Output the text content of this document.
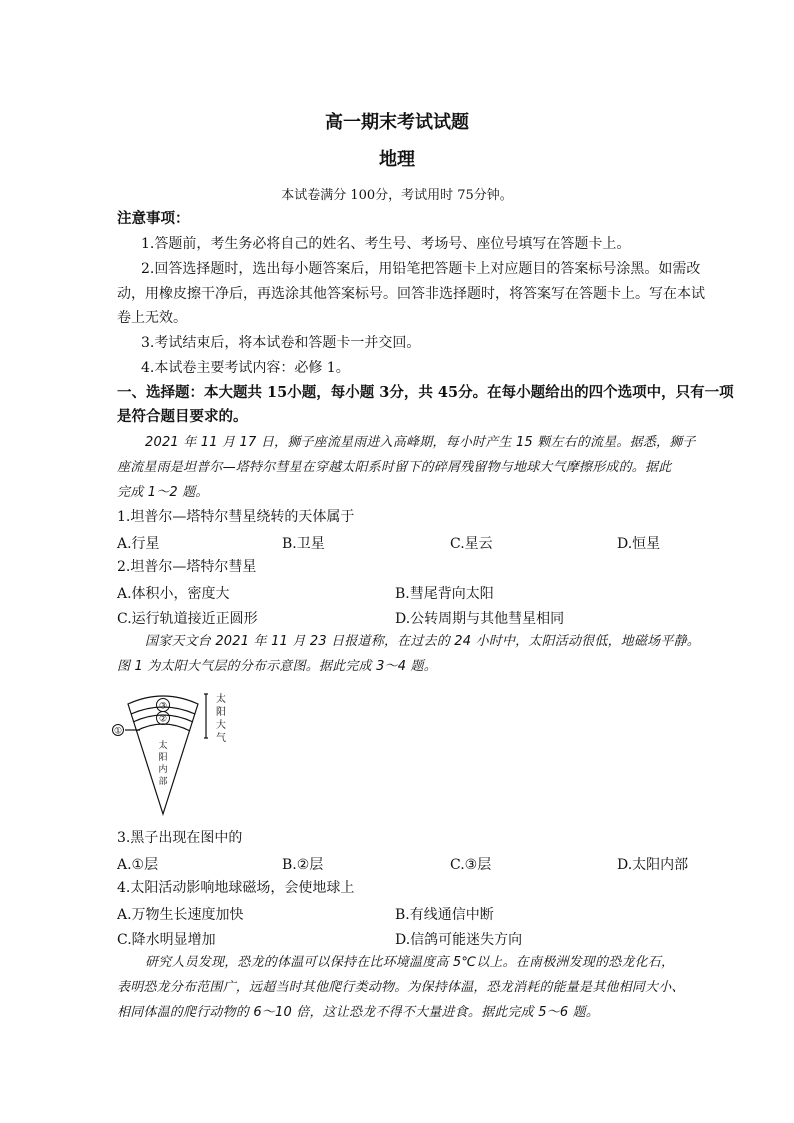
高一期末考试试题
地理
本试卷满分 100分，考试用时 75分钟。
注意事项：
1.答题前，考生务必将自己的姓名、考生号、考场号、座位号填写在答题卡上。
2.回答选择题时，选出每小题答案后，用铅笔把答题卡上对应题目的答案标号涂黑。如需改
动，用橡皮擦干净后，再选涂其他答案标号。回答非选择题时，将答案写在答题卡上。写在本试
卷上无效。
3.考试结束后，将本试卷和答题卡一并交回。
4.本试卷主要考试内容：必修 1。
一、选择题：本大题共 15小题，每小题 3分，共 45分。在每小题给出的四个选项中，只有一项
是符合题目要求的。
2021 年 11 月 17 日，狮子座流星雨进入高峰期，每小时产生 15 颗左右的流星。据悉，狮子
座流星雨是坦普尔—塔特尔彗星在穿越太阳系时留下的碎屑残留物与地球大气摩擦形成的。据此
完成 1～2 题。
1.坦普尔—塔特尔彗星绕转的天体属于
A.行星	B.卫星	C.星云	D.恒星
2.坦普尔—塔特尔彗星
A.体积小，密度大	B.彗尾背向太阳
C.运行轨道接近正圆形	D.公转周期与其他彗星相同
国家天文台 2021 年 11 月 23 日报道称，在过去的 24 小时中，太阳活动很低，地磁场平静。
图 1 为太阳大气层的分布示意图。据此完成 3～4 题。
③
②
①
太
阳
大
气
太
阳
内
部
3.黑子出现在图中的
A.①层	B.②层	C.③层	D.太阳内部
4.太阳活动影响地球磁场，会使地球上
A.万物生长速度加快	B.有线通信中断
C.降水明显增加	D.信鸽可能迷失方向
研究人员发现，恐龙的体温可以保持在比环境温度高 5℃以上。在南极洲发现的恐龙化石，
表明恐龙分布范围广，远超当时其他爬行类动物。为保持体温，恐龙消耗的能量是其他相同大小、
相同体温的爬行动物的 6～10 倍，这让恐龙不得不大量进食。据此完成 5～6 题。
